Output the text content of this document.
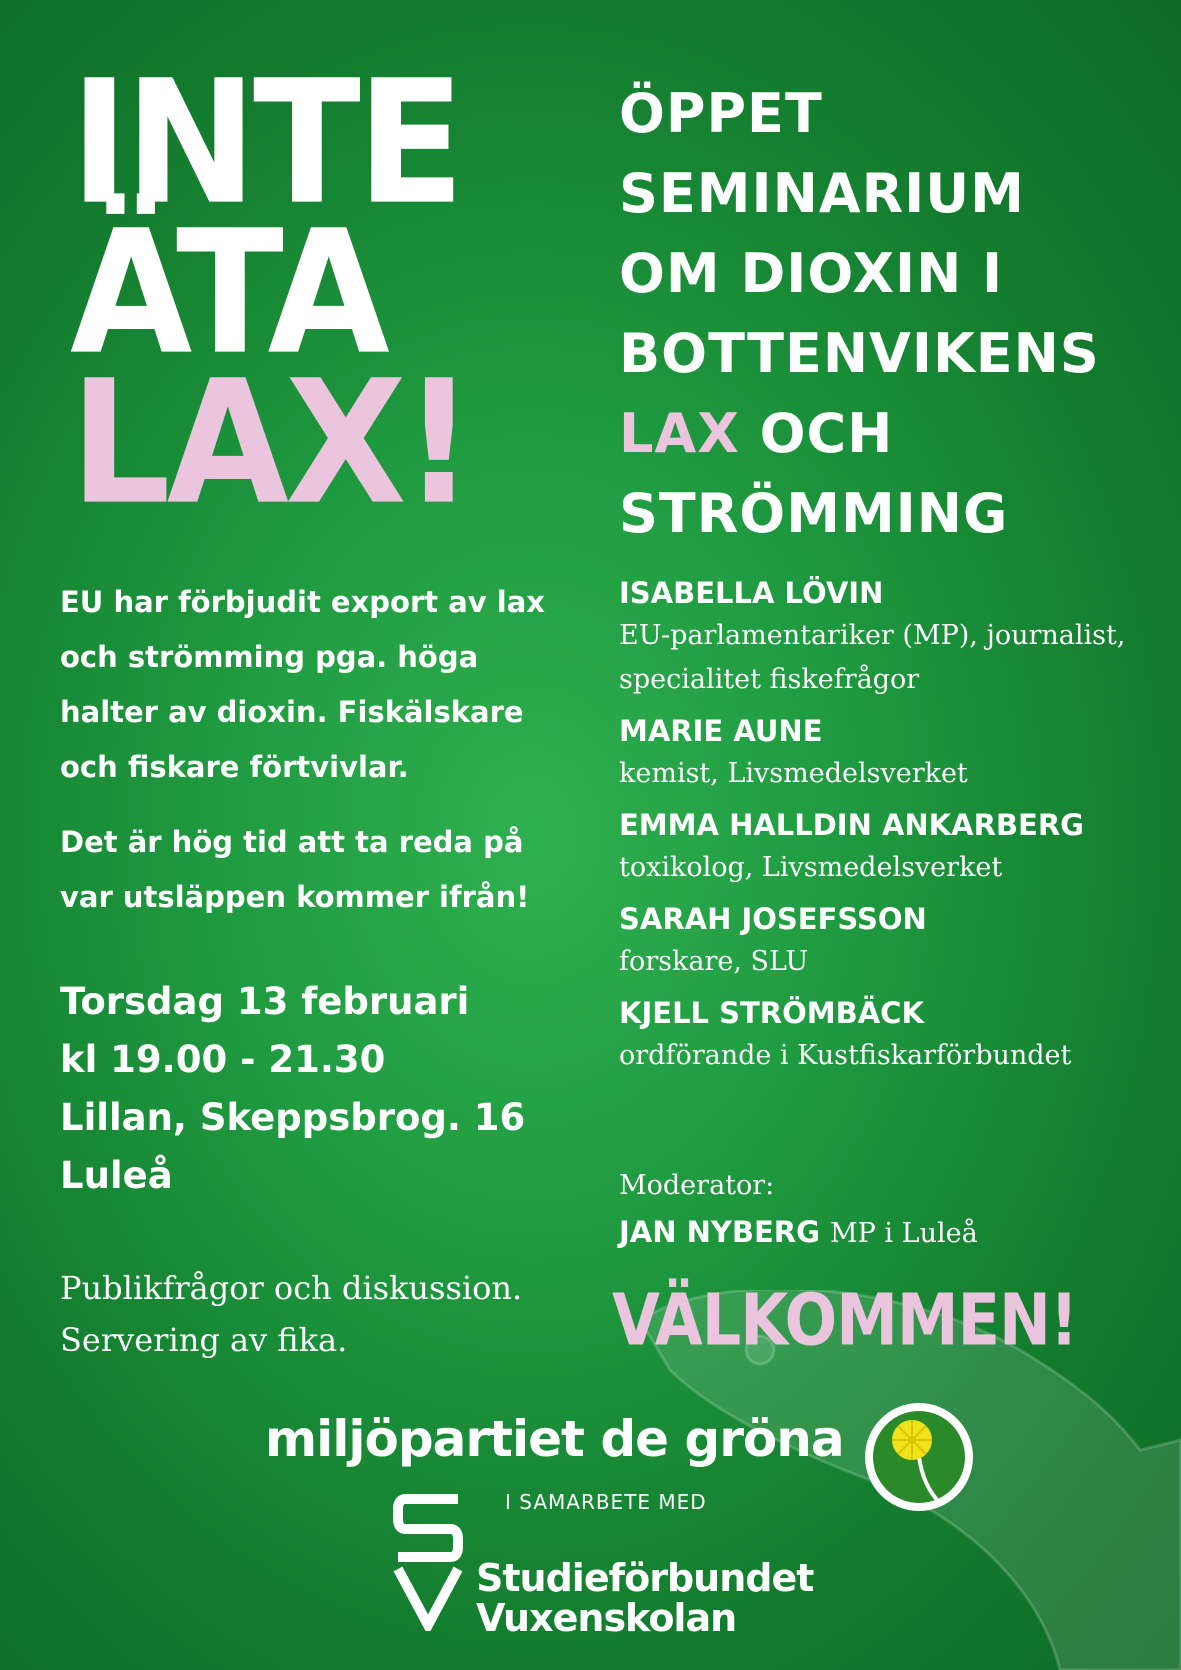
INTE
ÄTA
LAX!
EU har förbjudit export av lax och strömming pga. höga halter av dioxin. Fiskälskare och fiskare förtvivlar.
Det är hög tid att ta reda på var utsläppen kommer ifrån!
Torsdag 13 februari
kl 19.00 - 21.30
Lillan, Skeppsbrog. 16
Luleå
Publikfrågor och diskussion.
Servering av fika.
ÖPPET
SEMINARIUM
OM DIOXIN I
BOTTENVIKENS
LAX OCH
STRÖMMING
ISABELLA LÖVIN
EU-parlamentariker (MP), journalist, specialitet fiskefrågor
MARIE AUNE
kemist, Livsmedelsverket
EMMA HALLDIN ANKARBERG
toxikolog, Livsmedelsverket
SARAH JOSEFSSON
forskare, SLU
KJELL STRÖMBÄCK
ordförande i Kustfiskarförbundet
Moderator:
JAN NYBERG MP i Luleå
VÄLKOMMEN!
miljöpartiet de gröna
I SAMARBETE MED
Studieförbundet
Vuxenskolan
